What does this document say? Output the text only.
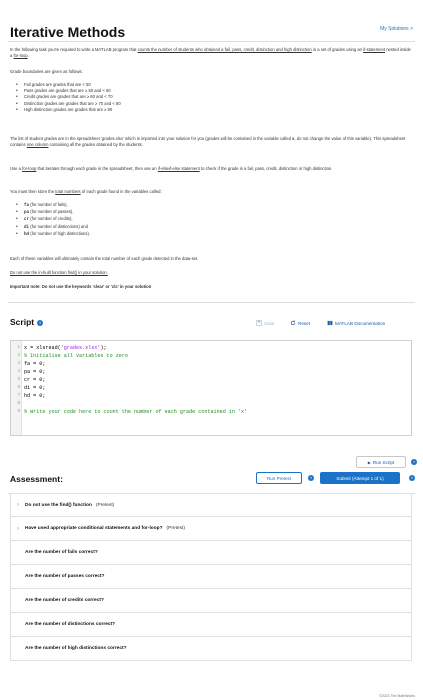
Iterative Methods	My Solutions >
In the following task you're required to write a MATLAB program that counts the number of students who obtained a fail, pass, credit, distinction and high distinction in a set of grades using an if-statement nested inside a for-loop.
Grade boundaries are given as follows:
• Fail grades are grades that are < 50
• Pass grades are grades that are ≥ 50 and < 60
• Credit grades are grades that are ≥ 60 and < 70
• Distinction grades are grades that are ≥ 70 and < 80
• High distinction grades are grades that are ≥ 80
The list of student grades are in the spreadsheet 'grades.xlsx' which is imported into your solution for you (grades will be contained in the variable called x, do not change the value of this variable). This spreadsheet contains one column containing all the grades obtained by the students.
Use a for-loop that iterates through each grade in the spreadsheet, then use an if-elseif-else statement to check if the grade is a fail, pass, credit, distinction or high distinction.
You must then store the total numbers of each grade found in the variables called:
• fa (for number of fails),
• pa (for number of passes),
• cr (for number of credits),
• di (for number of distinctions) and
• hd (for number of high distinctions).
Each of these variables will ultimately contain the total number of each grade detected in the data-set.
Do not use the in-built function find() in your solution.
Important note: Do not use the keywords 'clear' or 'clc' in your solution
Script i	Save	Reset	MATLAB Documentation
1 x = xlsread('grades.xlsx');
2 % Initialise all variables to zero
3 fa = 0;
4 pa = 0;
5 cr = 0;
6 di = 0;
7 hd = 0;
8
9 % Write your code here to count the number of each grade contained in 'x'
▶ Run Script	i
Assessment:	Run Pretest	i	Submit (Attempt 1 of 1)	i
›	Do not use the find() function (Pretest)
›	Have used appropriate conditional statements and for-loop? (Pretest)
Are the number of fails correct?
Are the number of passes correct?
Are the number of credits correct?
Are the number of distinctions correct?
Are the number of high distinctions correct?
©2023 The MathWorks
